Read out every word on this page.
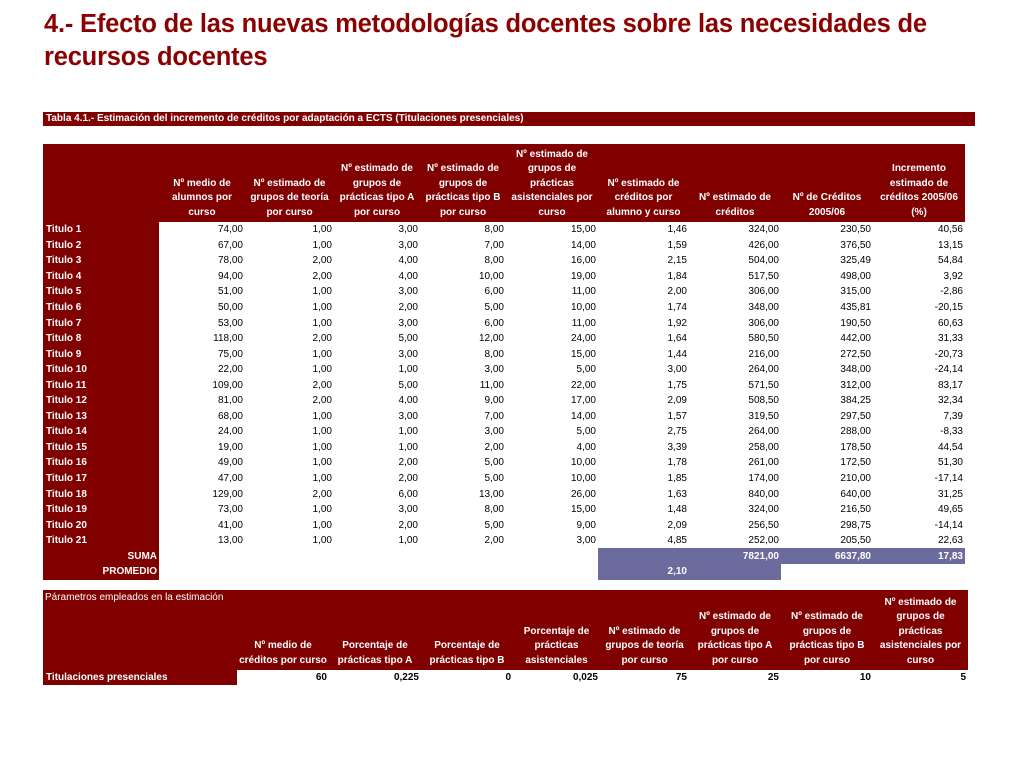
4.- Efecto de las nuevas metodologías docentes sobre las necesidades de recursos docentes
Tabla 4.1.- Estimación del incremento de créditos por adaptación a ECTS (Titulaciones presenciales)
	Nº medio de alumnos por curso	Nº estimado de grupos de teoría por curso	Nº estimado de grupos de prácticas tipo A por curso	Nº estimado de grupos de prácticas tipo B por curso	Nº estimado de grupos de prácticas asistenciales por curso	Nº estimado de créditos por alumno y curso	Nº estimado de créditos	Nº de Créditos 2005/06	Incremento estimado de créditos 2005/06 (%)
Titulo 1	74,00	1,00	3,00	8,00	15,00	1,46	324,00	230,50	40,56
Titulo 2	67,00	1,00	3,00	7,00	14,00	1,59	426,00	376,50	13,15
Titulo 3	78,00	2,00	4,00	8,00	16,00	2,15	504,00	325,49	54,84
Titulo 4	94,00	2,00	4,00	10,00	19,00	1,84	517,50	498,00	3,92
Titulo 5	51,00	1,00	3,00	6,00	11,00	2,00	306,00	315,00	-2,86
Titulo 6	50,00	1,00	2,00	5,00	10,00	1,74	348,00	435,81	-20,15
Titulo 7	53,00	1,00	3,00	6,00	11,00	1,92	306,00	190,50	60,63
Titulo 8	118,00	2,00	5,00	12,00	24,00	1,64	580,50	442,00	31,33
Titulo 9	75,00	1,00	3,00	8,00	15,00	1,44	216,00	272,50	-20,73
Titulo 10	22,00	1,00	1,00	3,00	5,00	3,00	264,00	348,00	-24,14
Titulo 11	109,00	2,00	5,00	11,00	22,00	1,75	571,50	312,00	83,17
Titulo 12	81,00	2,00	4,00	9,00	17,00	2,09	508,50	384,25	32,34
Titulo 13	68,00	1,00	3,00	7,00	14,00	1,57	319,50	297,50	7,39
Titulo 14	24,00	1,00	1,00	3,00	5,00	2,75	264,00	288,00	-8,33
Titulo 15	19,00	1,00	1,00	2,00	4,00	3,39	258,00	178,50	44,54
Titulo 16	49,00	1,00	2,00	5,00	10,00	1,78	261,00	172,50	51,30
Titulo 17	47,00	1,00	2,00	5,00	10,00	1,85	174,00	210,00	-17,14
Titulo 18	129,00	2,00	6,00	13,00	26,00	1,63	840,00	640,00	31,25
Titulo 19	73,00	1,00	3,00	8,00	15,00	1,48	324,00	216,50	49,65
Titulo 20	41,00	1,00	2,00	5,00	9,00	2,09	256,50	298,75	-14,14
Titulo 21	13,00	1,00	1,00	2,00	3,00	4,85	252,00	205,50	22,63
SUMA							7821,00	6637,80	17,83
PROMEDIO						2,10			
Párametros empleados en la estimación	Nº medio de créditos por curso	Porcentaje de prácticas tipo A	Porcentaje de prácticas tipo B	Porcentaje de prácticas asistenciales	Nº estimado de grupos de teoría por curso	Nº estimado de grupos de prácticas tipo A por curso	Nº estimado de grupos de prácticas tipo B por curso	Nº estimado de grupos de prácticas asistenciales por curso
Titulaciones presenciales	60	0,225	0	0,025	75	25	10	5
